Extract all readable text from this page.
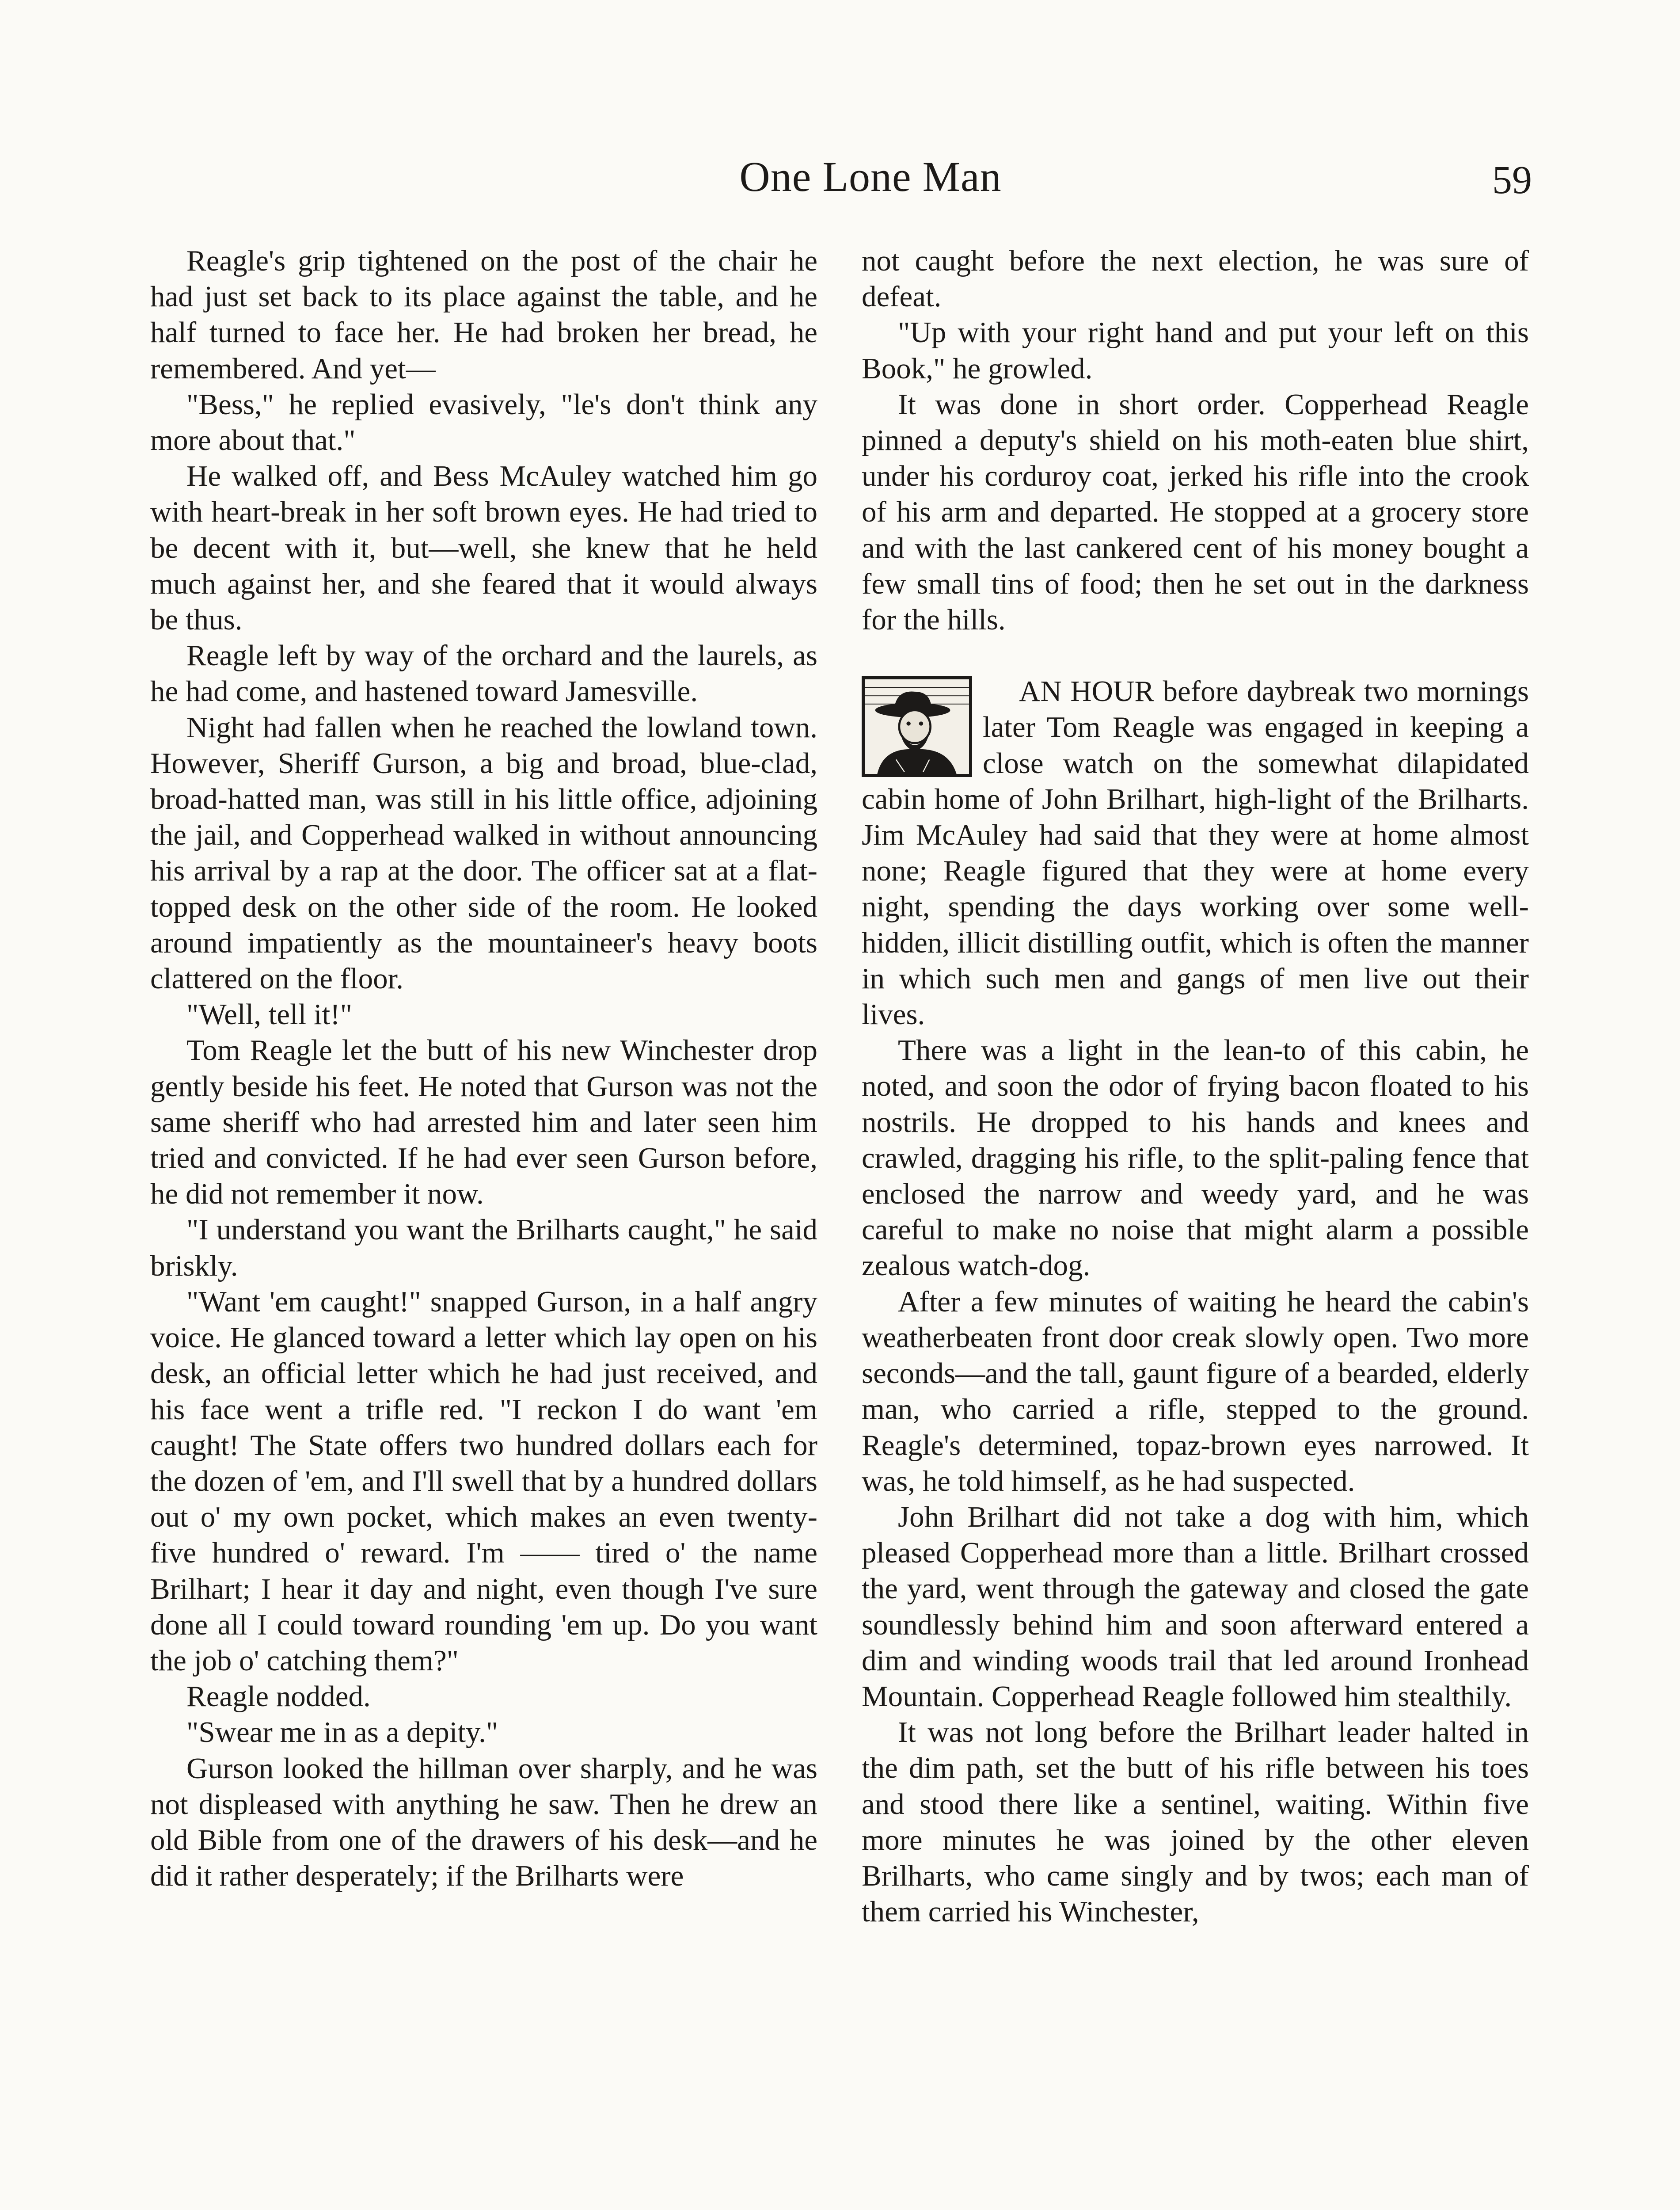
One Lone Man	59

Reagle's grip tightened on the post of the chair he had just set back to its place against the table, and he half turned to face her. He had broken her bread, he remembered. And yet—

"Bess," he replied evasively, "le's don't think any more about that."

He walked off, and Bess McAuley watched him go with heart-break in her soft brown eyes. He had tried to be decent with it, but—well, she knew that he held much against her, and she feared that it would always be thus.

Reagle left by way of the orchard and the laurels, as he had come, and hastened toward Jamesville.

Night had fallen when he reached the lowland town. However, Sheriff Gurson, a big and broad, blue-clad, broad-hatted man, was still in his little office, adjoining the jail, and Copperhead walked in without announcing his arrival by a rap at the door. The officer sat at a flat-topped desk on the other side of the room. He looked around impatiently as the mountaineer's heavy boots clattered on the floor.

"Well, tell it!"

Tom Reagle let the butt of his new Winchester drop gently beside his feet. He noted that Gurson was not the same sheriff who had arrested him and later seen him tried and convicted. If he had ever seen Gurson before, he did not remember it now.

"I understand you want the Brilharts caught," he said briskly.

"Want 'em caught!" snapped Gurson, in a half angry voice. He glanced toward a letter which lay open on his desk, an official letter which he had just received, and his face went a trifle red. "I reckon I do want 'em caught! The State offers two hundred dollars each for the dozen of 'em, and I'll swell that by a hundred dollars out o' my own pocket, which makes an even twenty-five hundred o' reward. I'm —— tired o' the name Brilhart; I hear it day and night, even though I've sure done all I could toward rounding 'em up. Do you want the job o' catching them?"

Reagle nodded.

"Swear me in as a depity."

Gurson looked the hillman over sharply, and he was not displeased with anything he saw. Then he drew an old Bible from one of the drawers of his desk—and he did it rather desperately; if the Brilharts were

not caught before the next election, he was sure of defeat.

"Up with your right hand and put your left on this Book," he growled.

It was done in short order. Copperhead Reagle pinned a deputy's shield on his moth-eaten blue shirt, under his corduroy coat, jerked his rifle into the crook of his arm and departed. He stopped at a grocery store and with the last cankered cent of his money bought a few small tins of food; then he set out in the darkness for the hills.

AN HOUR before daybreak two mornings later Tom Reagle was engaged in keeping a close watch on the somewhat dilapidated cabin home of John Brilhart, high-light of the Brilharts. Jim McAuley had said that they were at home almost none; Reagle figured that they were at home every night, spending the days working over some well-hidden, illicit distilling outfit, which is often the manner in which such men and gangs of men live out their lives.

There was a light in the lean-to of this cabin, he noted, and soon the odor of frying bacon floated to his nostrils. He dropped to his hands and knees and crawled, dragging his rifle, to the split-paling fence that enclosed the narrow and weedy yard, and he was careful to make no noise that might alarm a possible zealous watch-dog.

After a few minutes of waiting he heard the cabin's weatherbeaten front door creak slowly open. Two more seconds—and the tall, gaunt figure of a bearded, elderly man, who carried a rifle, stepped to the ground. Reagle's determined, topaz-brown eyes narrowed. It was, he told himself, as he had suspected.

John Brilhart did not take a dog with him, which pleased Copperhead more than a little. Brilhart crossed the yard, went through the gateway and closed the gate soundlessly behind him and soon afterward entered a dim and winding woods trail that led around Ironhead Mountain. Copperhead Reagle followed him stealthily.

It was not long before the Brilhart leader halted in the dim path, set the butt of his rifle between his toes and stood there like a sentinel, waiting. Within five more minutes he was joined by the other eleven Brilharts, who came singly and by twos; each man of them carried his Winchester,
